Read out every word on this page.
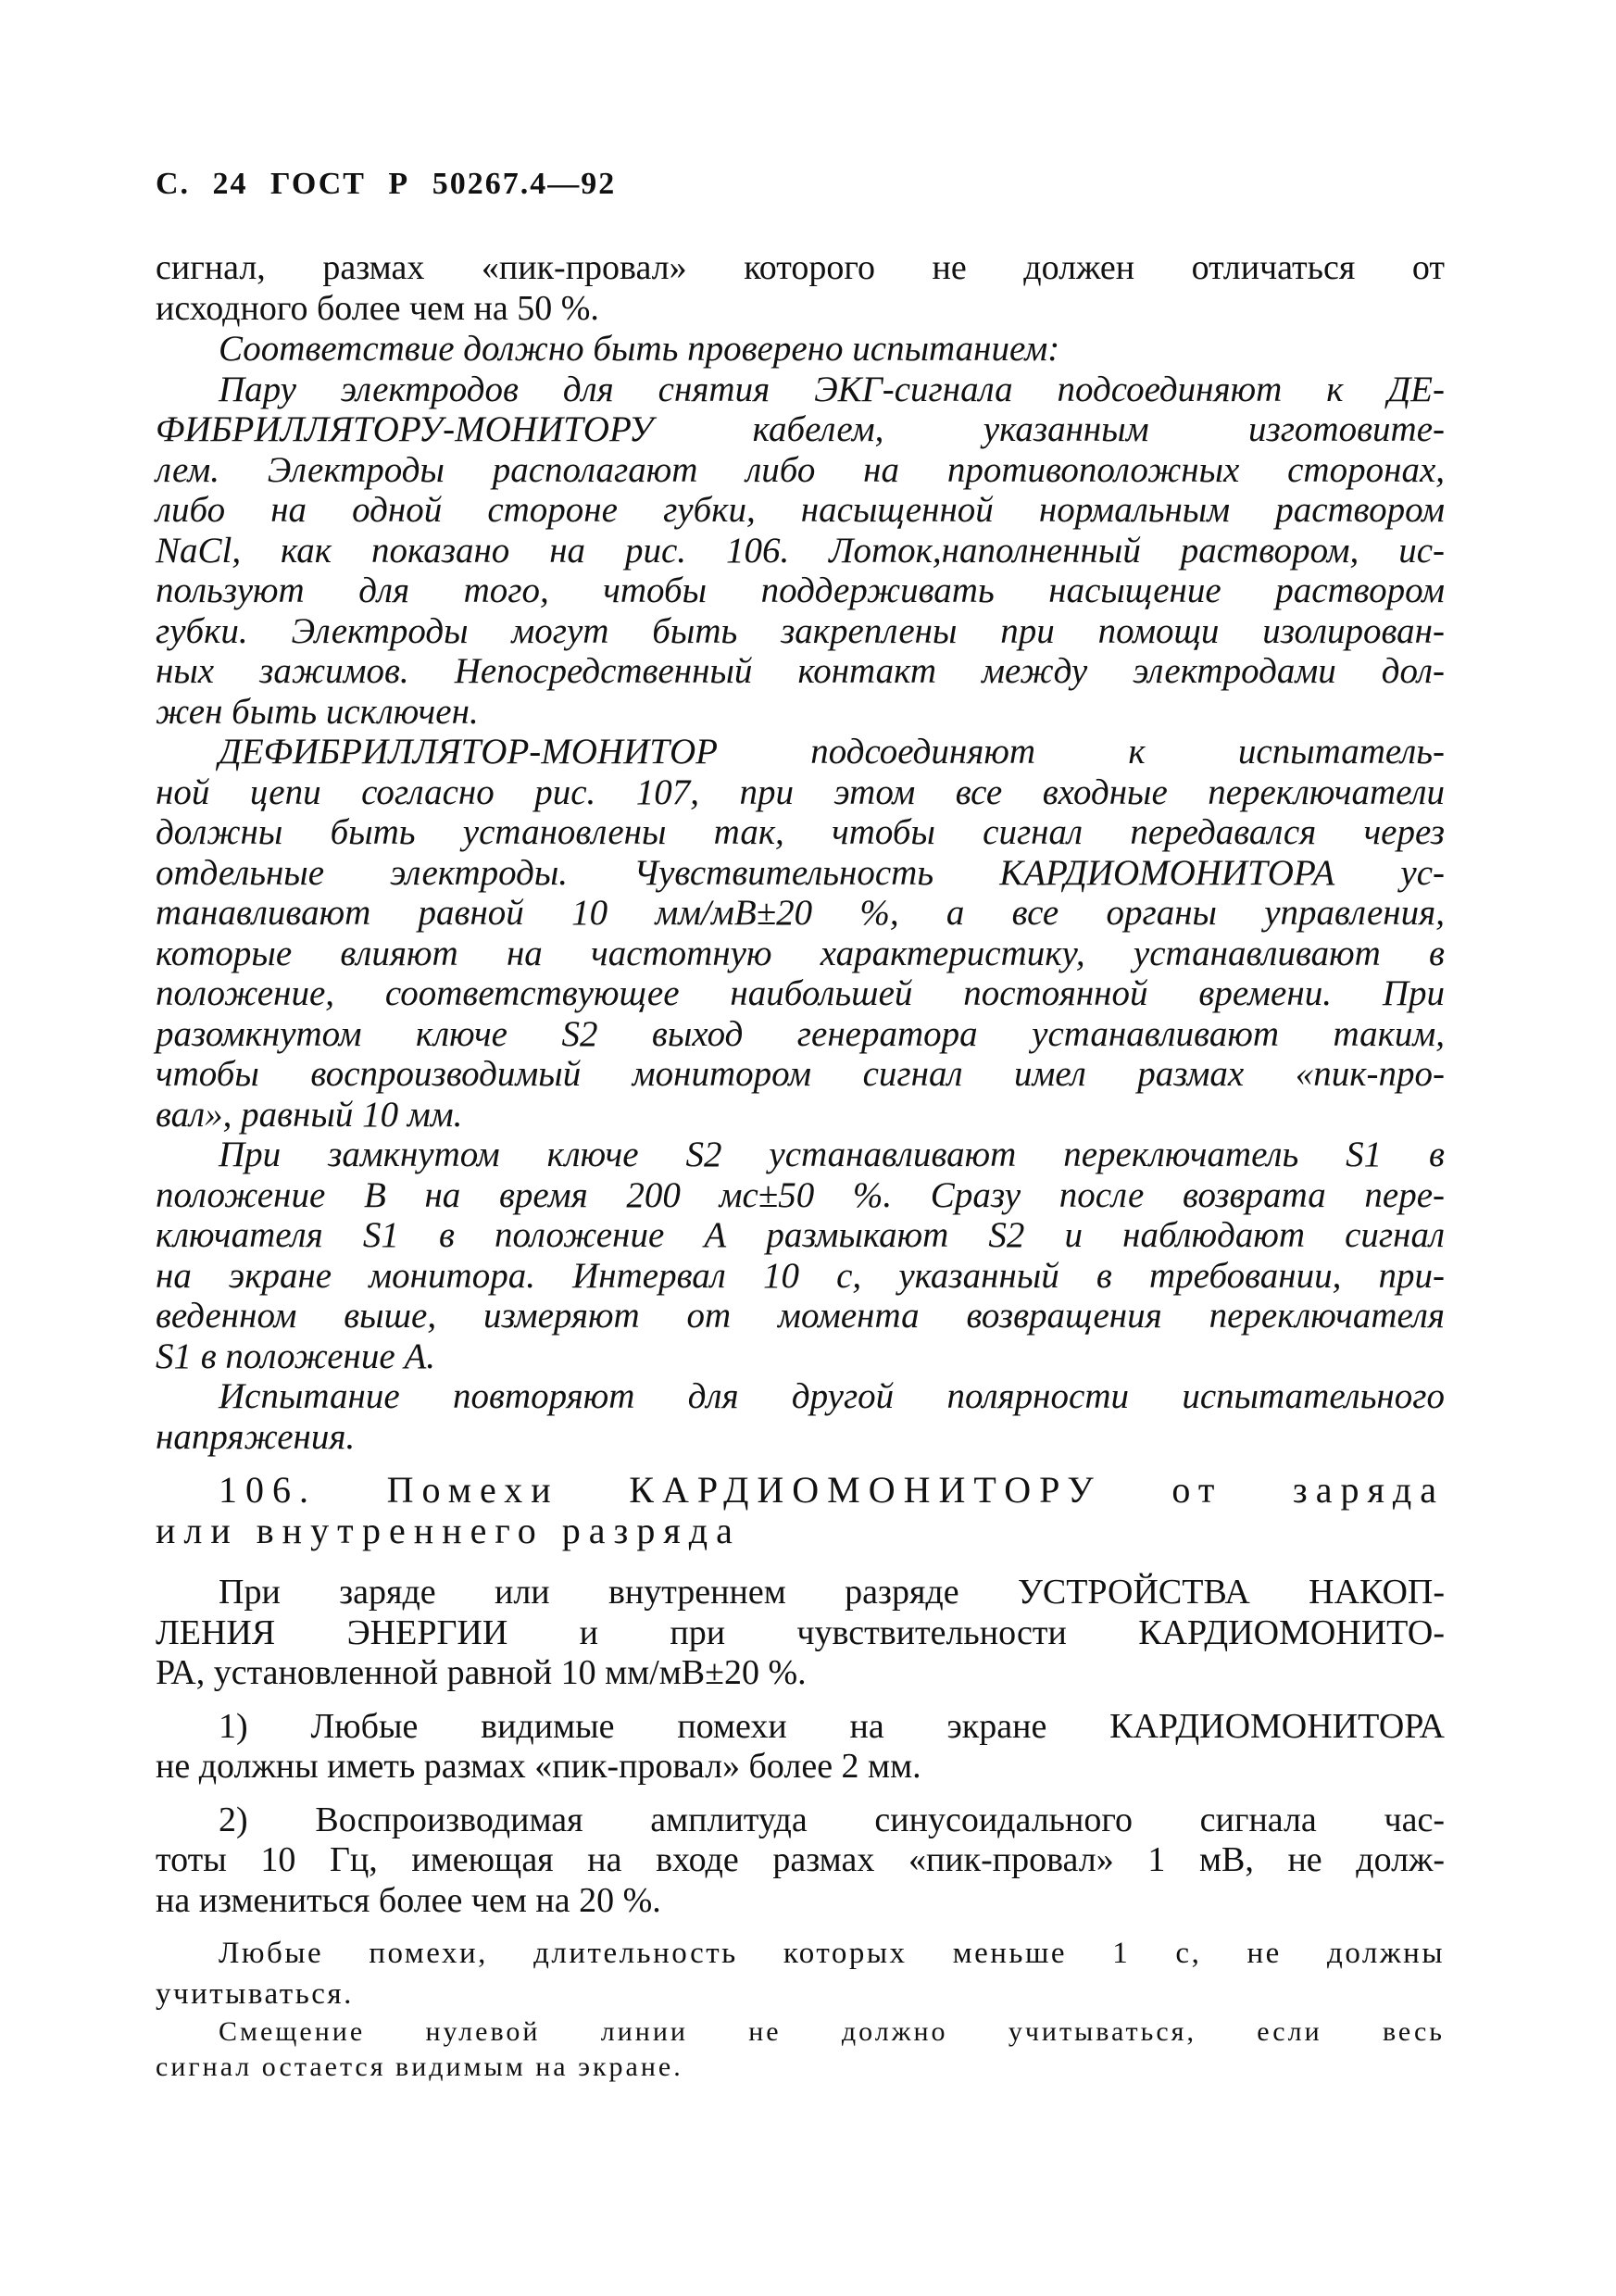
С. 24 ГОСТ Р 50267.4—92
сигнал, размах «пик-провал» которого не должен отличаться от
исходного более чем на 50 %.
Соответствие должно быть проверено испытанием:
Пару электродов для снятия ЭКГ-сигнала подсоединяют к ДЕ-
ФИБРИЛЛЯТОРУ-МОНИТОРУ кабелем, указанным изготовите-
лем. Электроды располагают либо на противоположных сторонах,
либо на одной стороне губки, насыщенной нормальным раствором
NaCl, как показано на рис. 106. Лоток,наполненный раствором, ис-
пользуют для того, чтобы поддерживать насыщение раствором
губки. Электроды могут быть закреплены при помощи изолирован-
ных зажимов. Непосредственный контакт между электродами дол-
жен быть исключен.
ДЕФИБРИЛЛЯТОР-МОНИТОР подсоединяют к испытатель-
ной цепи согласно рис. 107, при этом все входные переключатели
должны быть установлены так, чтобы сигнал передавался через
отдельные электроды. Чувствительность КАРДИОМОНИТОРА ус-
танавливают равной 10 мм/мВ±20 %, а все органы управления,
которые влияют на частотную характеристику, устанавливают в
положение, соответствующее наибольшей постоянной времени. При
разомкнутом ключе S2 выход генератора устанавливают таким,
чтобы воспроизводимый монитором сигнал имел размах «пик-про-
вал», равный 10 мм.
При замкнутом ключе S2 устанавливают переключатель S1 в
положение В на время 200 мс±50 %. Сразу после возврата пере-
ключателя S1 в положение А размыкают S2 и наблюдают сигнал
на экране монитора. Интервал 10 с, указанный в требовании, при-
веденном выше, измеряют от момента возвращения переключателя
S1 в положение А.
Испытание повторяют для другой полярности испытательного
напряжения.
106. Помехи КАРДИОМОНИТОРУ от заряда
или внутреннего разряда
При заряде или внутреннем разряде УСТРОЙСТВА НАКОП-
ЛЕНИЯ ЭНЕРГИИ и при чувствительности КАРДИОМОНИТО-
РА, установленной равной 10 мм/мВ±20 %.
1) Любые видимые помехи на экране КАРДИОМОНИТОРА
не должны иметь размах «пик-провал» более 2 мм.
2) Воспроизводимая амплитуда синусоидального сигнала час-
тоты 10 Гц, имеющая на входе размах «пик-провал» 1 мВ, не долж-
на измениться более чем на 20 %.
Любые помехи, длительность которых меньше 1 с, не должны
учитываться.
Смещение нулевой линии не должно учитываться, если весь
сигнал остается видимым на экране.
